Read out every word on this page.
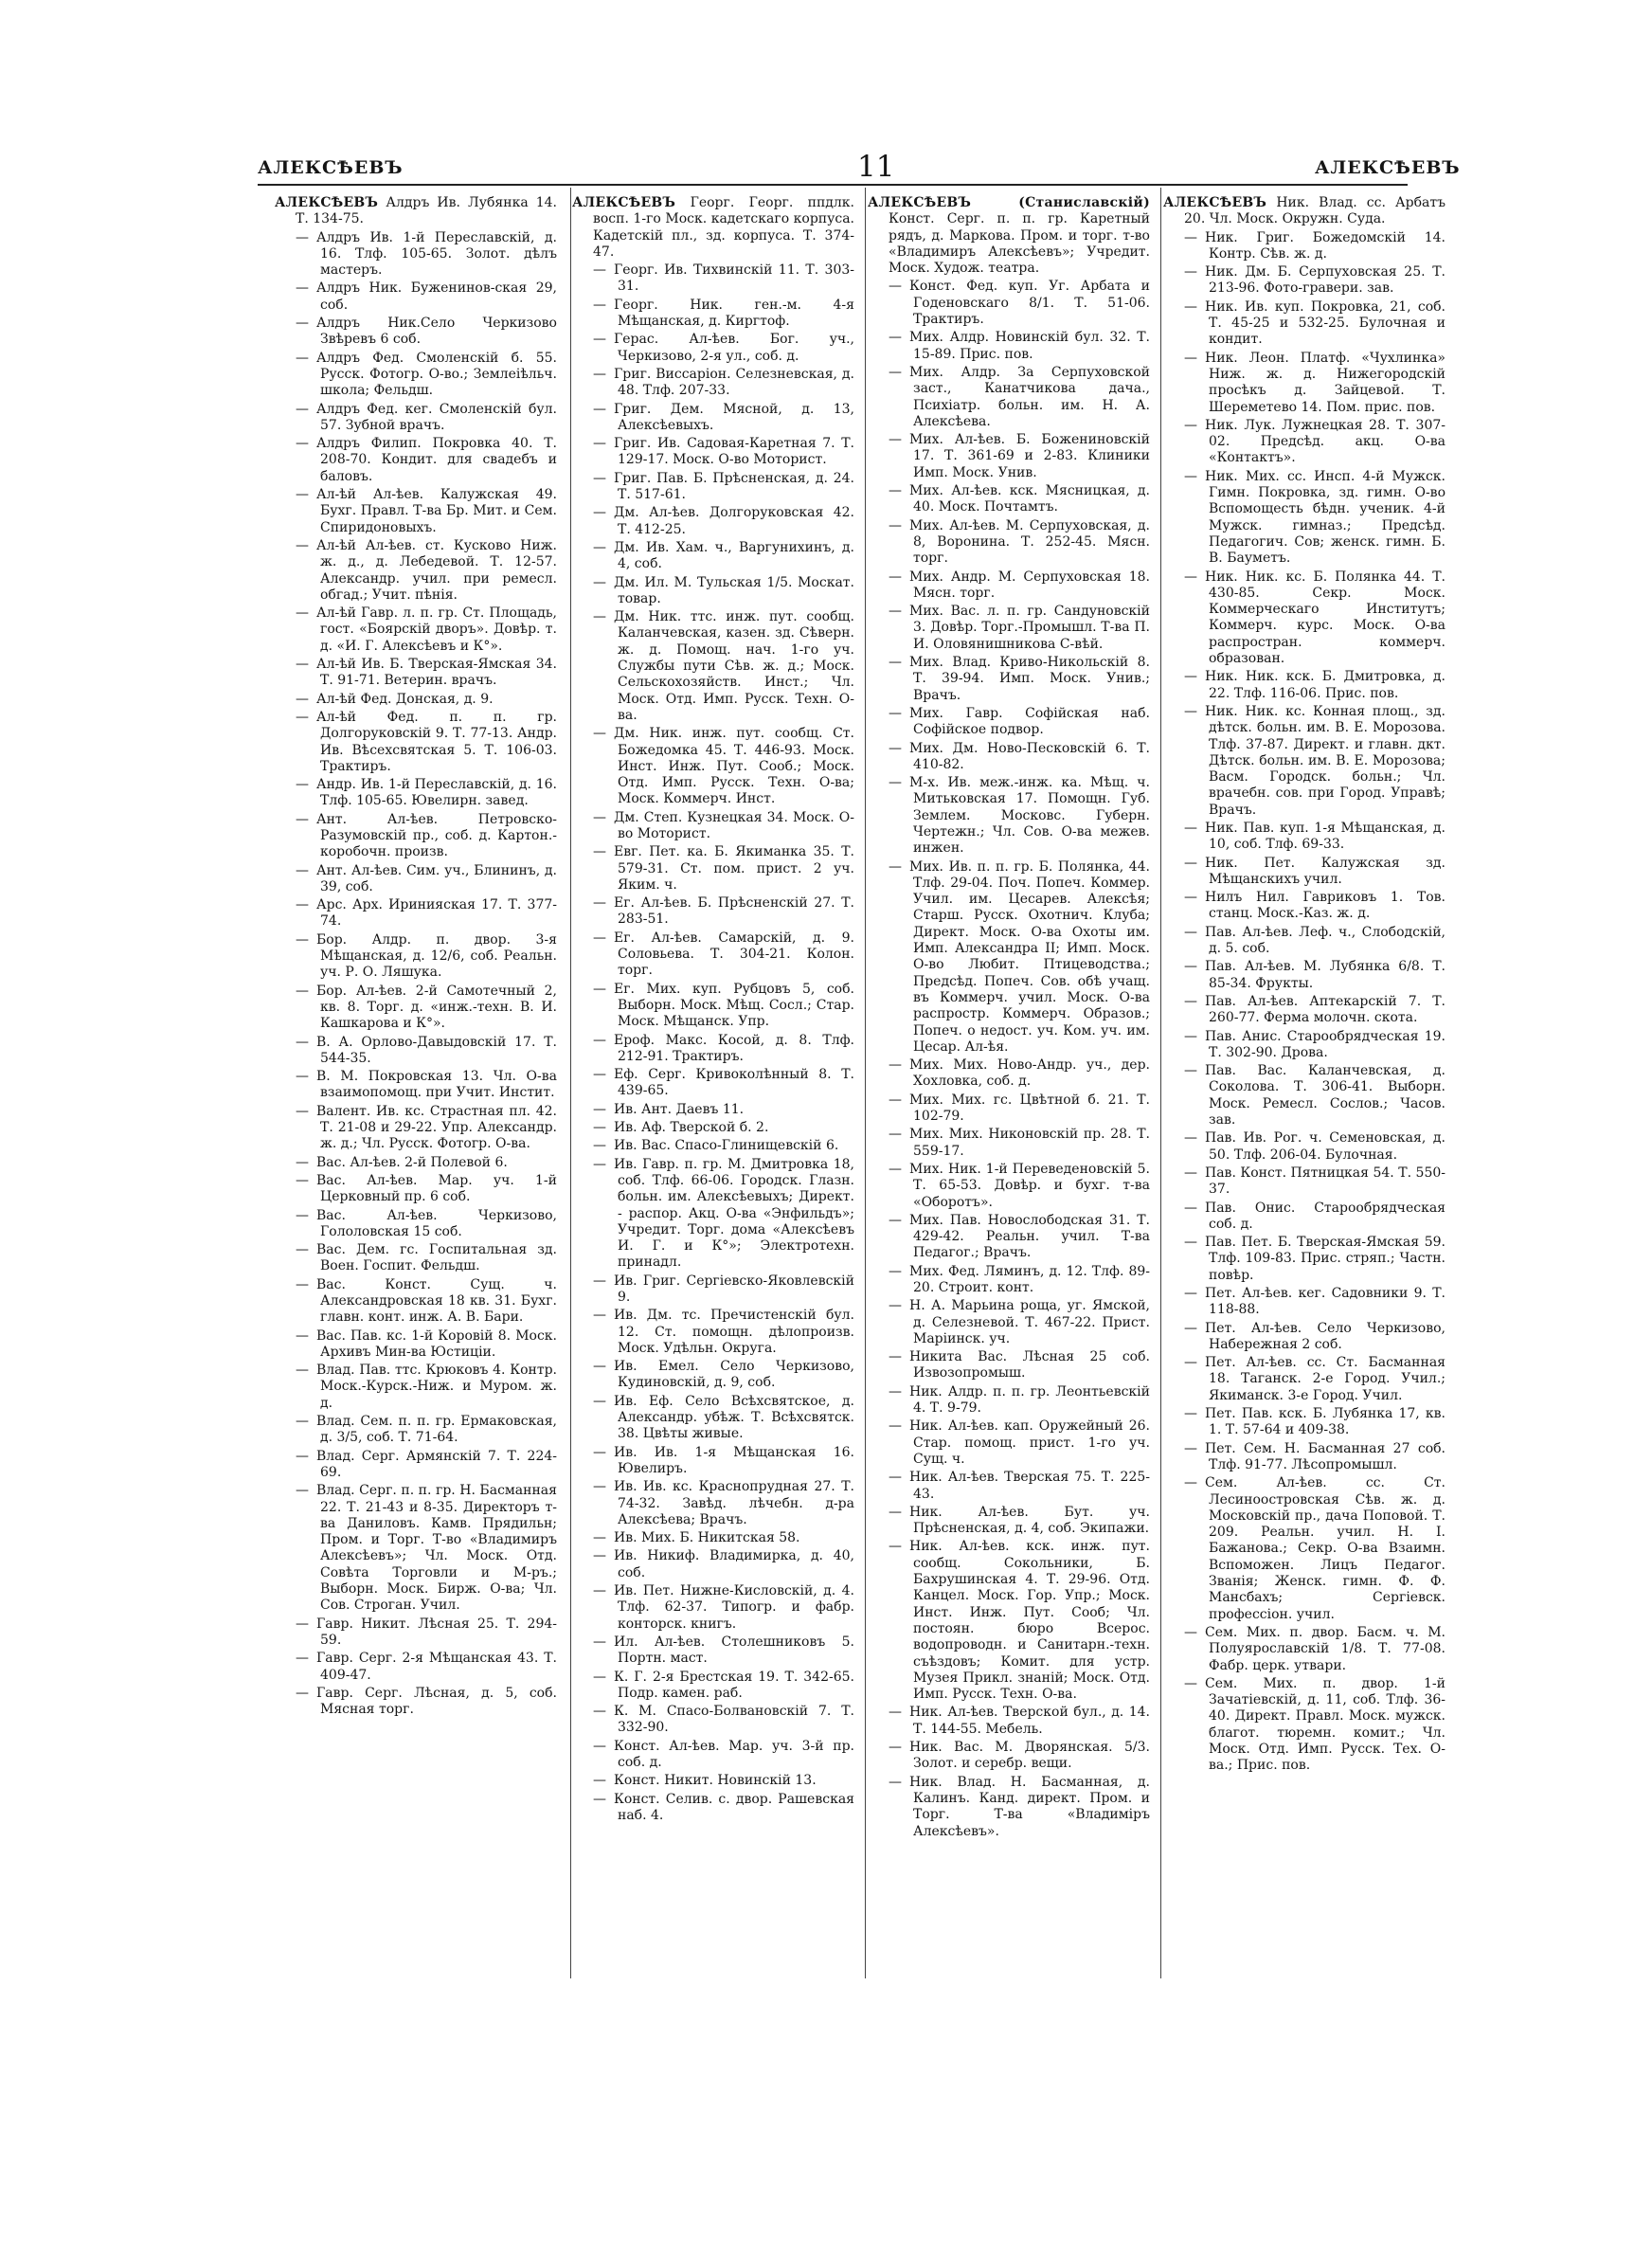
АЛЕКСѢЕВЪ	11	АЛЕКСѢЕВЪ
АЛЕКСѢЕВЪ Алдръ Ив. Лубянка 14. Т. 134-75.
— Алдръ Ив. 1-й Переславскій, д. 16. Тлф. 105-65. Золот. дѣлъ мастеръ.
— Алдръ Ник. Буженинов-ская 29, соб.
— Алдръ Ник.Село Черкизово Звѣревъ 6 соб.
— Алдръ Фед. Смоленскій б. 55. Русск. Фотогр. О-во.; Землеіѣльч. школа; Фельдш.
— Алдръ Фед. кег. Смоленскій бул. 57. Зубной врачъ.
— Алдръ Филип. Покровка 40. Т. 208-70. Кондит. для свадебъ и баловъ.
— Ал-ѣй Ал-ѣев. Калужская 49. Бухг. Правл. Т-ва Бр. Мит. и Сем. Спиридоновыхъ.
— Ал-ѣй Ал-ѣев. ст. Кусково Ниж. ж. д., д. Лебедевой. Т. 12-57. Александр. учил. при ремесл. обгад.; Учит. пѣнія.
— Ал-ѣй Гавр. л. п. гр. Ст. Площадь, гост. «Боярскій дворъ». Довѣр. т. д. «И. Г. Алексѣевъ и К°».
— Ал-ѣй Ив. Б. Тверская-Ямская 34. Т. 91-71. Ветерин. врачъ.
— Ал-ѣй Фед. Донская, д. 9.
— Ал-ѣй Фед. п. п. гр. Долгоруковскій 9. Т. 77-13. Андр. Ив. Вѣсехсвятская 5. Т. 106-03. Трактиръ.
— Андр. Ив. 1-й Переславскій, д. 16. Тлф. 105-65. Ювелирн. завед.
— Ант. Ал-ѣев. Петровско-Разумовскій пр., соб. д. Картон.-коробочн. произв.
— Ант. Ал-ѣев. Сим. уч., Блининъ, д. 39, соб.
— Арс. Арх. Иринияская 17. Т. 377-74.
— Бор. Алдр. п. двор. 3-я Мѣщанская, д. 12/6, соб. Реальн. уч. Р. О. Ляшука.
— Бор. Ал-ѣев. 2-й Самотечный 2, кв. 8. Торг. д. «инж.-техн. В. И. Кашкарова и К°».
— В. А. Орлово-Давыдовскій 17. Т. 544-35.
— В. М. Покровская 13. Чл. О-ва взаимопомощ. при Учит. Инстит.
— Валент. Ив. кс. Страстная пл. 42. Т. 21-08 и 29-22. Упр. Александр. ж. д.; Чл. Русск. Фотогр. О-ва.
— Вас. Ал-ѣев. 2-й Полевой 6.
— Вас. Ал-ѣев. Мар. уч. 1-й Церковный пр. 6 соб.
— Вас. Ал-ѣев. Черкизово, Гололовская 15 соб.
— Вас. Дем. гс. Госпитальная зд. Воен. Госпит. Фельдш.
— Вас. Конст. Сущ. ч. Александровская 18 кв. 31. Бухг. главн. конт. инж. А. В. Бари.
— Вас. Пав. кс. 1-й Коровій 8. Моск. Архивъ Мин-ва Юстиціи.
— Влад. Пав. ттс. Крюковъ 4. Контр. Моск.-Курск.-Ниж. и Муром. ж. д.
— Влад. Сем. п. п. гр. Ермаковская, д. 3/5, соб. Т. 71-64.
— Влад. Серг. Армянскій 7. Т. 224-69.
— Влад. Серг. п. п. гр. Н. Басманная 22. Т. 21-43 и 8-35. Директоръ т-ва Даниловъ. Камв. Прядильн; Пром. и Торг. Т-во «Владимиръ Алексѣевъ»; Чл. Моск. Отд. Совѣта Торговли и М-ръ.; Выборн. Моск. Бирж. О-ва; Чл. Сов. Строган. Учил.
— Гавр. Никит. Лѣсная 25. Т. 294-59.
— Гавр. Серг. 2-я Мѣщанская 43. Т. 409-47.
— Гавр. Серг. Лѣсная, д. 5, соб. Мясная торг.
АЛЕКСѢЕВЪ Георг. Георг. ппдлк. восп. 1-го Моск. кадетскаго корпуса. Кадетскій пл., зд. корпуса. Т. 374-47.
— Георг. Ив. Тихвинскій 11. Т. 303-31.
— Георг. Ник. ген.-м. 4-я Мѣщанская, д. Киргтоф.
— Герас. Ал-ѣев. Бог. уч., Черкизово, 2-я ул., соб. д.
— Григ. Виссаріон. Селезневская, д. 48. Тлф. 207-33.
— Григ. Дем. Мясной, д. 13, Алексѣевыхъ.
— Григ. Ив. Садовая-Каретная 7. Т. 129-17. Моск. О-во Моторист.
— Григ. Пав. Б. Прѣсненская, д. 24. Т. 517-61.
— Дм. Ал-ѣев. Долгоруковская 42. Т. 412-25.
— Дм. Ив. Хам. ч., Варгунихинъ, д. 4, соб.
— Дм. Ил. М. Тульская 1/5. Москат. товар.
— Дм. Ник. ттс. инж. пут. сообщ. Каланчевская, казен. зд. Сѣверн. ж. д. Помощ. нач. 1-го уч. Службы пути Сѣв. ж. д.; Моск. Сельскохозяйств. Инст.; Чл. Моск. Отд. Имп. Русск. Техн. О-ва.
— Дм. Ник. инж. пут. сообщ. Ст. Божедомка 45. Т. 446-93. Моск. Инст. Инж. Пут. Сооб.; Моск. Отд. Имп. Русск. Техн. О-ва; Моск. Коммерч. Инст.
— Дм. Степ. Кузнецкая 34. Моск. О-во Моторист.
— Евг. Пет. ка. Б. Якиманка 35. Т. 579-31. Ст. пом. прист. 2 уч. Яким. ч.
— Ег. Ал-ѣев. Б. Прѣсненскій 27. Т. 283-51.
— Ег. Ал-ѣев. Самарскій, д. 9. Соловьева. Т. 304-21. Колон. торг.
— Ег. Мих. куп. Рубцовъ 5, соб. Выборн. Моск. Мѣщ. Сосл.; Стар. Моск. Мѣщанск. Упр.
— Ероф. Макс. Косой, д. 8. Тлф. 212-91. Трактиръ.
— Еф. Серг. Кривоколѣнный 8. Т. 439-65.
— Ив. Ант. Даевъ 11.
— Ив. Аф. Тверской б. 2.
— Ив. Вас. Спасо-Глинищевскій 6.
— Ив. Гавр. п. гр. М. Дмитровка 18, соб. Тлф. 66-06. Городск. Глазн. больн. им. Алексѣевыхъ; Директ. - распор. Акц. О-ва «Энфильдъ»; Учредит. Торг. дома «Алексѣевъ И. Г. и К°»; Электротехн. принадл.
— Ив. Григ. Сергіевско-Яковлевскій 9.
— Ив. Дм. тс. Пречистенскій бул. 12. Ст. помощн. дѣлопроизв. Моск. Удѣльн. Округа.
— Ив. Емел. Село Черкизово, Кудиновскій, д. 9, соб.
— Ив. Еф. Село Всѣхсвятское, д. Александр. убѣж. Т. Всѣхсвятск. 38. Цвѣты живые.
— Ив. Ив. 1-я Мѣщанская 16. Ювелиръ.
— Ив. Ив. кс. Краснопрудная 27. Т. 74-32. Завѣд. лѣчебн. д-ра Алексѣева; Врачъ.
— Ив. Мих. Б. Никитская 58.
— Ив. Никиф. Владимирка, д. 40, соб.
— Ив. Пет. Нижне-Кисловскій, д. 4. Тлф. 62-37. Типогр. и фабр. конторск. книгъ.
— Ил. Ал-ѣев. Столешниковъ 5. Портн. маст.
— К. Г. 2-я Брестская 19. Т. 342-65. Подр. камен. раб.
— К. М. Спасо-Болвановскій 7. Т. 332-90.
— Конст. Ал-ѣев. Мар. уч. 3-й пр. соб. д.
— Конст. Никит. Новинскій 13.
— Конст. Селив. с. двор. Рашевская наб. 4.
АЛЕКСѢЕВЪ (Станиславскій) Конст. Серг. п. п. гр. Каретный рядъ, д. Маркова. Пром. и торг. т-во «Владимиръ Алексѣевъ»; Учредит. Моск. Худож. театра.
— Конст. Фед. куп. Уг. Арбата и Годеновскаго 8/1. Т. 51-06. Трактиръ.
— Мих. Алдр. Новинскій бул. 32. Т. 15-89. Прис. пов.
— Мих. Алдр. За Серпуховской заст., Канатчикова дача., Психіатр. больн. им. Н. А. Алексѣева.
— Мих. Ал-ѣев. Б. Божениновскій 17. Т. 361-69 и 2-83. Клиники Имп. Моск. Унив.
— Мих. Ал-ѣев. кск. Мясницкая, д. 40. Моск. Почтамтъ.
— Мих. Ал-ѣев. М. Серпуховская, д. 8, Воронина. Т. 252-45. Мясн. торг.
— Мих. Андр. М. Серпуховская 18. Мясн. торг.
— Мих. Вас. л. п. гр. Сандуновскій 3. Довѣр. Торг.-Промышл. Т-ва П. И. Оловянишникова С-вѣй.
— Мих. Влад. Криво-Никольскій 8. Т. 39-94. Имп. Моск. Унив.; Врачъ.
— Мих. Гавр. Софійская наб. Софійское подвор.
— Мих. Дм. Ново-Песковскій 6. Т. 410-82.
— М-х. Ив. меж.-инж. ка. Мѣщ. ч. Митьковская 17. Помощн. Губ. Землем. Московс. Губерн. Чертежн.; Чл. Сов. О-ва межев. инжен.
— Мих. Ив. п. п. гр. Б. Полянка, 44. Тлф. 29-04. Поч. Попеч. Коммер. Учил. им. Цесарев. Алексѣя; Старш. Русск. Охотнич. Клуба; Директ. Моск. О-ва Охоты им. Имп. Александра II; Имп. Моск. О-во Любит. Птицеводства.; Предсѣд. Попеч. Сов. обѣ учащ. въ Коммерч. учил. Моск. О-ва распростр. Коммерч. Образов.; Попеч. о недост. уч. Ком. уч. им. Цесар. Ал-ѣя.
— Мих. Мих. Ново-Андр. уч., дер. Хохловка, соб. д.
— Мих. Мих. гс. Цвѣтной б. 21. Т. 102-79.
— Мих. Мих. Никоновскій пр. 28. Т. 559-17.
— Мих. Ник. 1-й Переведеновскій 5. Т. 65-53. Довѣр. и бухг. т-ва «Оборотъ».
— Мих. Пав. Новослободская 31. Т. 429-42. Реальн. учил. Т-ва Педагог.; Врачъ.
— Мих. Фед. Ляминъ, д. 12. Тлф. 89-20. Строит. конт.
— Н. А. Марьина роща, уг. Ямской, д. Селезневой. Т. 467-22. Прист. Маріинск. уч.
— Никита Вас. Лѣсная 25 соб. Извозопромыш.
— Ник. Алдр. п. п. гр. Леонтьевскій 4. Т. 9-79.
— Ник. Ал-ѣев. кап. Оружейный 26. Стар. помощ. прист. 1-го уч. Сущ. ч.
— Ник. Ал-ѣев. Тверская 75. Т. 225-43.
— Ник. Ал-ѣев. Бут. уч. Прѣсненская, д. 4, соб. Экипажи.
— Ник. Ал-ѣев. кск. инж. пут. сообщ. Сокольники, Б. Бахрушинская 4. Т. 29-96. Отд. Канцел. Моск. Гор. Упр.; Моск. Инст. Инж. Пут. Сооб; Чл. постоян. бюро Всерос. водопроводн. и Санитарн.-техн. съѣздовъ; Комит. для устр. Музея Прикл. знаній; Моск. Отд. Имп. Русск. Техн. О-ва.
— Ник. Ал-ѣев. Тверской бул., д. 14. Т. 144-55. Мебель.
— Ник. Вас. М. Дворянская. 5/3. Золот. и серебр. вещи.
— Ник. Влад. Н. Басманная, д. Калинъ. Канд. директ. Пром. и Торг. Т-ва «Владиміръ Алексѣевъ».
АЛЕКСѢЕВЪ Ник. Влад. сс. Арбатъ 20. Чл. Моск. Окружн. Суда.
— Ник. Григ. Божедомскій 14. Контр. Сѣв. ж. д.
— Ник. Дм. Б. Серпуховская 25. Т. 213-96. Фото-гравери. зав.
— Ник. Ив. куп. Покровка, 21, соб. Т. 45-25 и 532-25. Булочная и кондит.
— Ник. Леон. Платф. «Чухлинка» Ниж. ж. д. Нижегородскій просѣкъ д. Зайцевой. Т. Шереметево 14. Пом. прис. пов.
— Ник. Лук. Лужнецкая 28. Т. 307-02. Предсѣд. акц. О-ва «Контактъ».
— Ник. Мих. сс. Инсп. 4-й Мужск. Гимн. Покровка, зд. гимн. О-во Вспомощесть бѣдн. ученик. 4-й Мужск. гимназ.; Предсѣд. Педагогич. Сов; женск. гимн. Б. В. Бауметъ.
— Ник. Ник. кс. Б. Полянка 44. Т. 430-85. Секр. Моск. Коммерческаго Институтъ; Коммерч. курс. Моск. О-ва распростран. коммерч. образован.
— Ник. Ник. кск. Б. Дмитровка, д. 22. Тлф. 116-06. Прис. пов.
— Ник. Ник. кс. Конная площ., зд. дѣтск. больн. им. В. Е. Морозова. Тлф. 37-87. Директ. и главн. дкт. Дѣтск. больн. им. В. Е. Морозова; Васм. Городск. больн.; Чл. врачебн. сов. при Город. Управѣ; Врачъ.
— Ник. Пав. куп. 1-я Мѣщанская, д. 10, соб. Тлф. 69-33.
— Ник. Пет. Калужская зд. Мѣщанскихъ учил.
— Нилъ Нил. Гавриковъ 1. Тов. станц. Моск.-Каз. ж. д.
— Пав. Ал-ѣев. Леф. ч., Слободскій, д. 5. соб.
— Пав. Ал-ѣев. М. Лубянка 6/8. Т. 85-34. Фрукты.
— Пав. Ал-ѣев. Аптекарскій 7. Т. 260-77. Ферма молочн. скота.
— Пав. Анис. Старообрядческая 19. Т. 302-90. Дрова.
— Пав. Вас. Каланчевская, д. Соколова. Т. 306-41. Выборн. Моск. Ремесл. Сослов.; Часов. зав.
— Пав. Ив. Рог. ч. Семеновская, д. 50. Тлф. 206-04. Булочная.
— Пав. Конст. Пятницкая 54. Т. 550-37.
— Пав. Онис. Старообрядческая соб. д.
— Пав. Пет. Б. Тверская-Ямская 59. Тлф. 109-83. Прис. стряп.; Частн. повѣр.
— Пет. Ал-ѣев. кег. Садовники 9. Т. 118-88.
— Пет. Ал-ѣев. Село Черкизово, Набережная 2 соб.
— Пет. Ал-ѣев. сс. Ст. Басманная 18. Таганск. 2-е Город. Учил.; Якиманск. 3-е Город. Учил.
— Пет. Пав. кск. Б. Лубянка 17, кв. 1. Т. 57-64 и 409-38.
— Пет. Сем. Н. Басманная 27 соб. Тлф. 91-77. Лѣсопромышл.
— Сем. Ал-ѣев. сс. Ст. Лесиноостровская Сѣв. ж. д. Московскій пр., дача Поповой. Т. 209. Реальн. учил. Н. І. Бажанова.; Секр. О-ва Взаимн. Вспоможен. Лицъ Педагог. Званія; Женск. гимн. Ф. Ф. Мансбахъ; Сергіевск. профессіон. учил.
— Сем. Мих. п. двор. Басм. ч. М. Полуярославскій 1/8. Т. 77-08. Фабр. церк. утвари.
— Сем. Мих. п. двор. 1-й Зачатіевскій, д. 11, соб. Тлф. 36-40. Директ. Правл. Моск. мужск. благот. тюремн. комит.; Чл. Моск. Отд. Имп. Русск. Тех. О-ва.; Прис. пов.
